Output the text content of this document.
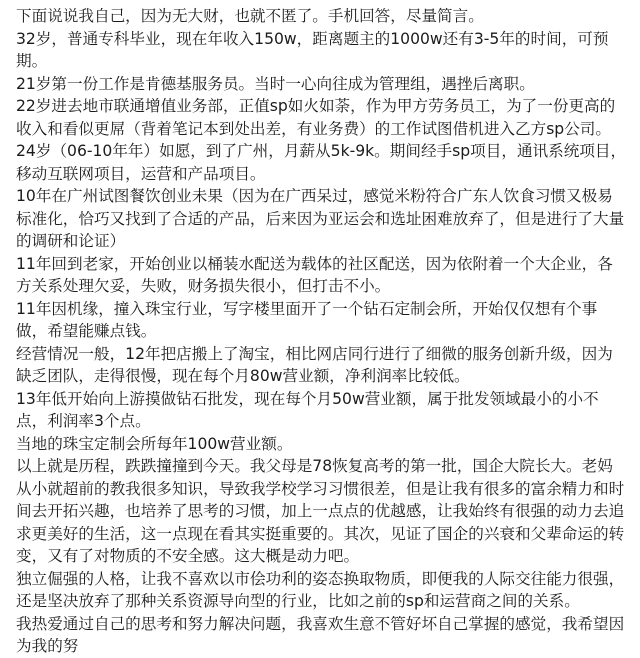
下面说说我自己，因为无大财，也就不匿了。手机回答，尽量简言。

32岁，普通专科毕业，现在年收入150w，距离题主的1000w还有3-5年的时间，可预期。

21岁第一份工作是肯德基服务员。当时一心向往成为管理组，遇挫后离职。

22岁进去地市联通增值业务部，正值sp如火如荼，作为甲方劳务员工，为了一份更高的收入和看似更屌（背着笔记本到处出差，有业务费）的工作试图借机进入乙方sp公司。

24岁（06-10年年）如愿，到了广州，月薪从5k-9k。期间经手sp项目，通讯系统项目，移动互联网项目，运营和产品项目。

10年在广州试图餐饮创业未果（因为在广西呆过，感觉米粉符合广东人饮食习惯又极易标准化，恰巧又找到了合适的产品，后来因为亚运会和选址困难放弃了，但是进行了大量的调研和论证）

11年回到老家，开始创业以桶装水配送为载体的社区配送，因为依附着一个大企业，各方关系处理欠妥，失败，财务损失很小，但打击不小。

11年因机缘，撞入珠宝行业，写字楼里面开了一个钻石定制会所，开始仅仅想有个事做，希望能赚点钱。

经营情况一般，12年把店搬上了淘宝，相比网店同行进行了细微的服务创新升级，因为缺乏团队，走得很慢，现在每个月80w营业额，净利润率比较低。

13年低开始向上游摸做钻石批发，现在每个月50w营业额，属于批发领域最小的小不点，利润率3个点。

当地的珠宝定制会所每年100w营业额。

以上就是历程，跌跌撞撞到今天。我父母是78恢复高考的第一批，国企大院长大。老妈从小就超前的教我很多知识，导致我学校学习习惯很差，但是让我有很多的富余精力和时间去开拓兴趣，也培养了思考的习惯，加上一点点的优越感，让我始终有很强的动力去追求更美好的生活，这一点现在看其实挺重要的。其次，见证了国企的兴衰和父辈命运的转变，又有了对物质的不安全感。这大概是动力吧。

独立倔强的人格，让我不喜欢以市侩功利的姿态换取物质，即便我的人际交往能力很强，还是坚决放弃了那种关系资源导向型的行业，比如之前的sp和运营商之间的关系。

我热爱通过自己的思考和努力解决问题，我喜欢生意不管好坏自己掌握的感觉，我希望因为我的努
